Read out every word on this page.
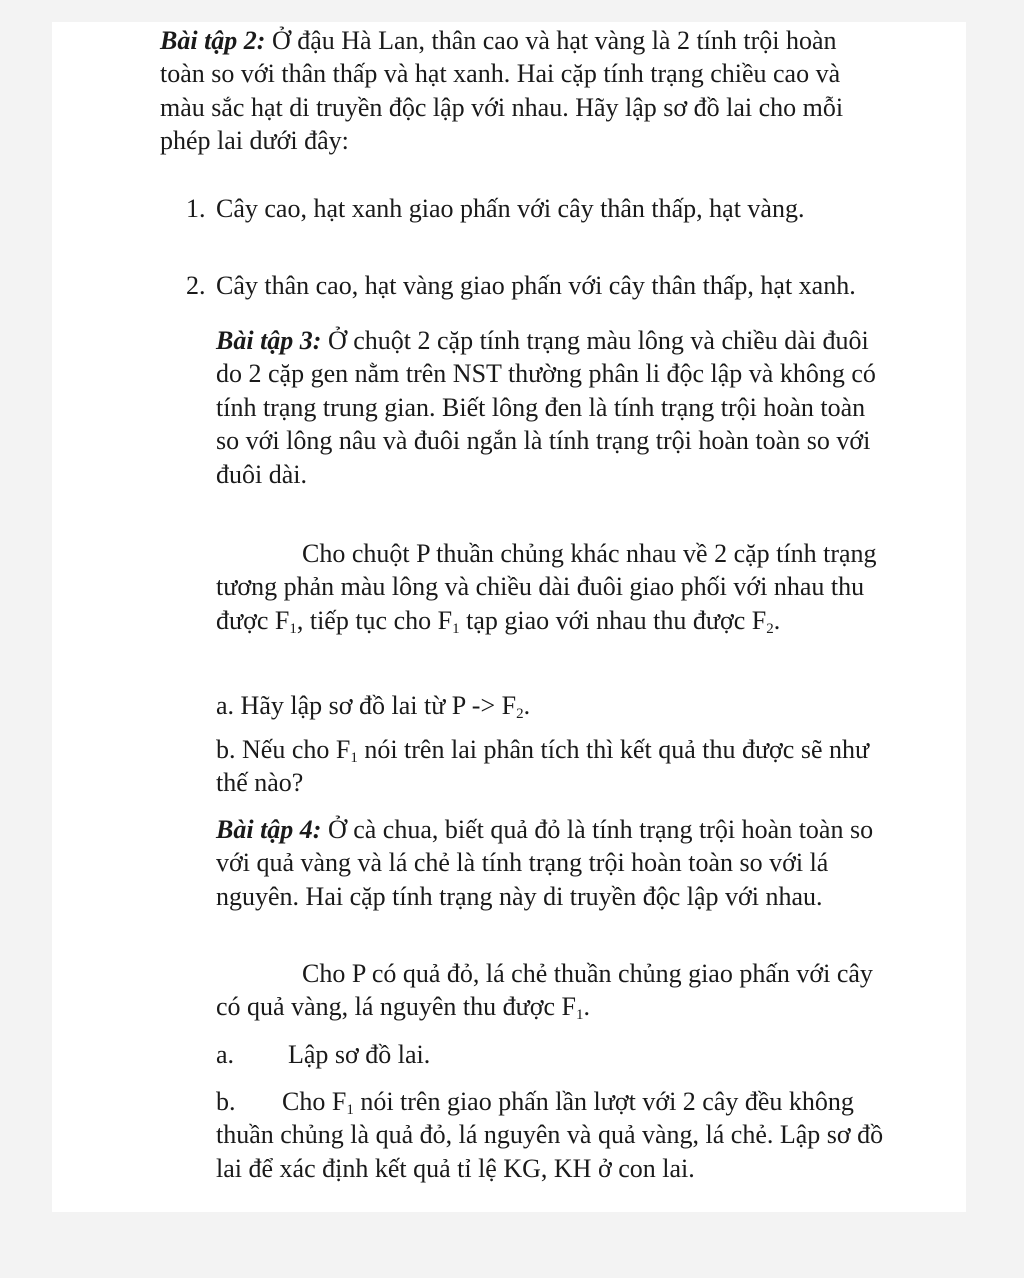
Bài tập 2: Ở đậu Hà Lan, thân cao và hạt vàng là 2 tính trội hoàn toàn so với thân thấp và hạt xanh. Hai cặp tính trạng chiều cao và màu sắc hạt di truyền độc lập với nhau. Hãy lập sơ đồ lai cho mỗi phép lai dưới đây:

1. Cây cao, hạt xanh giao phấn với cây thân thấp, hạt vàng.

2. Cây thân cao, hạt vàng giao phấn với cây thân thấp, hạt xanh.

Bài tập 3: Ở chuột 2 cặp tính trạng màu lông và chiều dài đuôi do 2 cặp gen nằm trên NST thường phân li độc lập và không có tính trạng trung gian. Biết lông đen là tính trạng trội hoàn toàn so với lông nâu và đuôi ngắn là tính trạng trội hoàn toàn so với đuôi dài.

Cho chuột P thuần chủng khác nhau về 2 cặp tính trạng tương phản màu lông và chiều dài đuôi giao phối với nhau thu được $F_1$, tiếp tục cho $F_1$ tạp giao với nhau thu được $F_2$.

a. Hãy lập sơ đồ lai từ $P -> F_2$.

b. Nếu cho $F_1$ nói trên lai phân tích thì kết quả thu được sẽ như thế nào?

Bài tập 4: Ở cà chua, biết quả đỏ là tính trạng trội hoàn toàn so với quả vàng và lá chẻ là tính trạng trội hoàn toàn so với lá nguyên. Hai cặp tính trạng này di truyền độc lập với nhau.

Cho P có quả đỏ, lá chẻ thuần chủng giao phấn với cây có quả vàng, lá nguyên thu được $F_1$.

a.	Lập sơ đồ lai.

b. Cho $F_1$ nói trên giao phấn lần lượt với 2 cây đều không thuần chủng là quả đỏ, lá nguyên và quả vàng, lá chẻ. Lập sơ đồ lai để xác định kết quả tỉ lệ KG, KH ở con lai.
